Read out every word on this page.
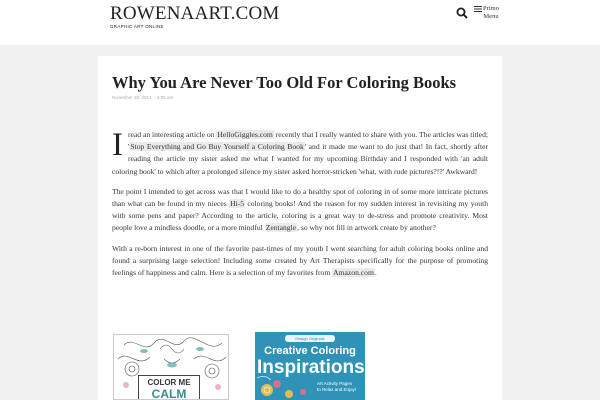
ROWENAART.COM
GRAPHIC ART ONLINE
Primo
Menu
Why You Are Never Too Old For Coloring Books
November 28, 2014 · 4:05 am

I read an interesting article on HelloGiggles.com recently that I really wanted to share with you. The articles was titled; Stop Everything and Go Buy Yourself a Coloring Book' and it made me want to do just that! In fact, shortly after reading the article my sister asked me what I wanted for my upcoming Birthday and I responded with 'an adult coloring book' to which after a prolonged silence my sister asked horror-stricken 'what, with rude pictures?!?' Awkward!

The point I intended to get across was that I would like to do a healthy spot of coloring in of some more intricate pictures than what can be found in my nieces Hi-5 coloring books! And the reason for my sudden interest in revisiting my youth with some pens and paper? According to the article, coloring is a great way to de-stress and promote creativity. Most people love a mindless doodle, or a more mindful Zentangle, so why not fill in artwork create by another?

With a re-born interest in one of the favorite past-times of my youth I went searching for adult coloring books online and found a surprising large selection! Including some created by Art Therapists specifically for the purpose of promoting feelings of happiness and calm. Here is a selection of my favorites from Amazon.com.

COLOR ME
CALM
Design Originals
Creative Coloring
Inspirations
Art Activity Pages
to Relax and Enjoy!
